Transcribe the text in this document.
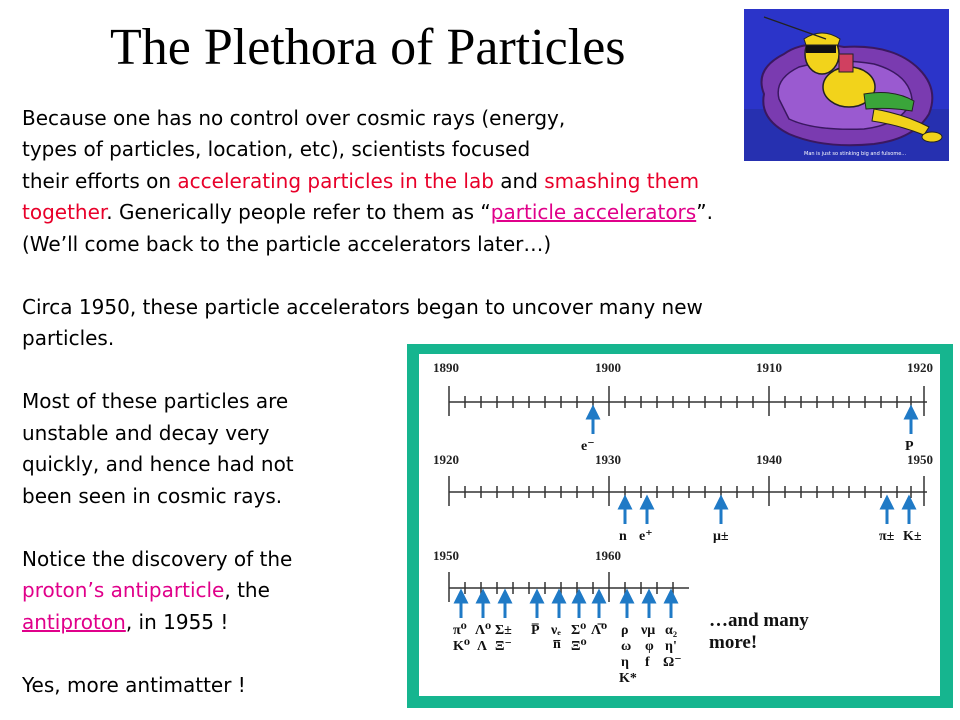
The Plethora of Particles
Man is just so stinking big and fulsome...
Because one has no control over cosmic rays (energy,
types of particles, location, etc), scientists focused
their efforts on accelerating particles in the lab and smashing them
together. Generically people refer to them as “particle accelerators”.
(We’ll come back to the particle accelerators later…)
Circa 1950, these particle accelerators began to uncover many new
particles.
Most of these particles are
unstable and decay very
quickly, and hence had not
been seen in cosmic rays.
Notice the discovery of the
proton’s antiparticle, the
antiproton, in 1955 !
Yes, more antimatter !
1890	1900	1910	1920
e⁻	P
1920	1930	1940	1950
n e⁺	μ±	π± K±
1950	1960
π⁰
K⁰
Λ⁰
Λ
Σ±
Ξ⁻
P̅ νₑ
n̅
Σ⁰
Ξ⁰
Λ̅⁰ ρ
ω
η
K*
νμ
φ
f
α₂
η'
Ω⁻
…and many
more!
